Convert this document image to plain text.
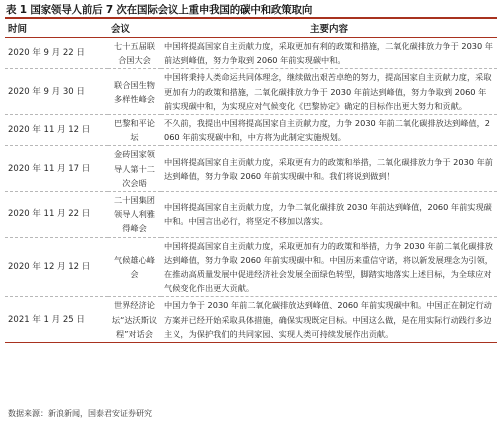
表 1 国家领导人前后 7 次在国际会议上重申我国的碳中和政策取向
时间	会议	主要内容
2020 年 9 月 22 日	七十五届联合国大会	中国将提高国家自主贡献力度，采取更加有利的政策和措施，二氧化碳排放力争于 2030 年前达到峰值，努力争取到 2060 年前实现碳中和。
2020 年 9 月 30 日	联合国生物多样性峰会	中国将秉持人类命运共同体理念，继续做出艰苦卓绝的努力，提高国家自主贡献力度，采取更加有力的政策和措施，二氧化碳排放力争于 2030 年前达到峰值，努力争取到 2060 年前实现碳中和，为实现应对气候变化《巴黎协定》确定的目标作出更大努力和贡献。
2020 年 11 月 12 日	巴黎和平论坛	不久前，我提出中国将提高国家自主贡献力度，力争 2030 年前二氧化碳排放达到峰值，2060 年前实现碳中和，中方将为此制定实施规划。
2020 年 11 月 17 日	金砖国家领导人第十二次会晤	中国将提高国家自主贡献力度，采取更有力的政策和举措，二氧化碳排放力争于 2030 年前达到峰值，努力争取 2060 年前实现碳中和。我们将说到做到！
2020 年 11 月 22 日	二十国集团领导人利雅得峰会	中国将提高国家自主贡献力度，力争二氧化碳排放 2030 年前达到峰值，2060 年前实现碳中和。中国言出必行，将坚定不移加以落实。
2020 年 12 月 12 日	气候雄心峰会	中国将提高国家自主贡献力度，采取更加有力的政策和举措，力争 2030 年前二氧化碳排放达到峰值，努力争取 2060 年前实现碳中和。中国历来重信守诺，将以新发展理念为引领，在推动高质量发展中促进经济社会发展全面绿色转型，脚踏实地落实上述目标，为全球应对气候变化作出更大贡献。
2021 年 1 月 25 日	世界经济论坛“达沃斯议程”对话会	中国力争于 2030 年前二氧化碳排放达到峰值、2060 年前实现碳中和。中国正在制定行动方案并已经开始采取具体措施，确保实现既定目标。中国这么做，是在用实际行动践行多边主义，为保护我们的共同家园、实现人类可持续发展作出贡献。
数据来源：新浪新闻，国泰君安证券研究
